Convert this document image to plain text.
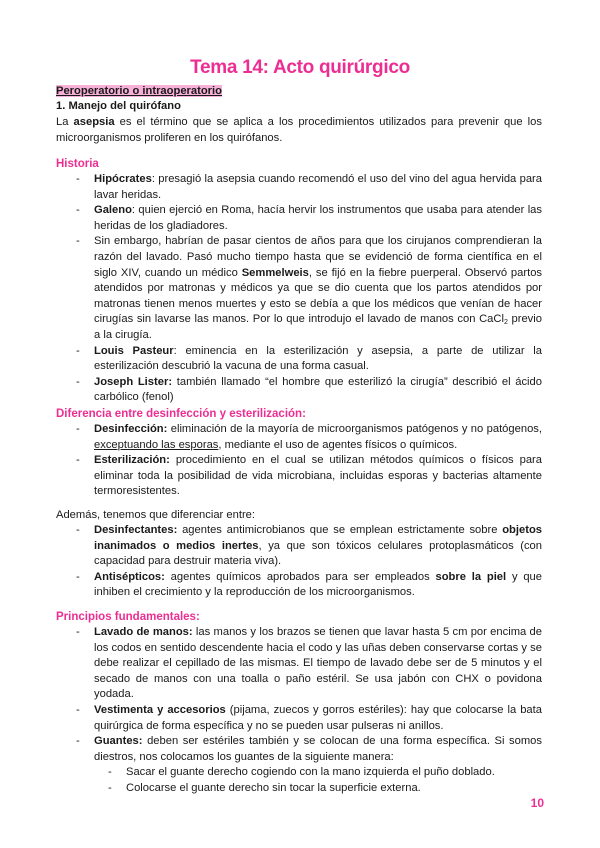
Tema 14: Acto quirúrgico
Peroperatorio o intraoperatorio
1. Manejo del quirófano
La asepsia es el término que se aplica a los procedimientos utilizados para prevenir que los microorganismos proliferen en los quirófanos.
Historia
- Hipócrates: presagió la asepsia cuando recomendó el uso del vino del agua hervida para lavar heridas.
- Galeno: quien ejerció en Roma, hacía hervir los instrumentos que usaba para atender las heridas de los gladiadores.
- Sin embargo, habrían de pasar cientos de años para que los cirujanos comprendieran la razón del lavado. Pasó mucho tiempo hasta que se evidenció de forma científica en el siglo XIV, cuando un médico Semmelweis, se fijó en la fiebre puerperal. Observó partos atendidos por matronas y médicos ya que se dio cuenta que los partos atendidos por matronas tienen menos muertes y esto se debía a que los médicos que venían de hacer cirugías sin lavarse las manos. Por lo que introdujo el lavado de manos con CaCl$_2$ previo a la cirugía.
- Louis Pasteur: eminencia en la esterilización y asepsia, a parte de utilizar la esterilización descubrió la vacuna de una forma casual.
- Joseph Lister: también llamado “el hombre que esterilizó la cirugía” describió el ácido carbólico (fenol)
Diferencia entre desinfección y esterilización:
- Desinfección: eliminación de la mayoría de microorganismos patógenos y no patógenos, exceptuando las esporas, mediante el uso de agentes físicos o químicos.
- Esterilización: procedimiento en el cual se utilizan métodos químicos o físicos para eliminar toda la posibilidad de vida microbiana, incluidas esporas y bacterias altamente termoresistentes.
Además, tenemos que diferenciar entre:
- Desinfectantes: agentes antimicrobianos que se emplean estrictamente sobre objetos inanimados o medios inertes, ya que son tóxicos celulares protoplasmáticos (con capacidad para destruir materia viva).
- Antisépticos: agentes químicos aprobados para ser empleados sobre la piel y que inhiben el crecimiento y la reproducción de los microorganismos.
Principios fundamentales:
- Lavado de manos: las manos y los brazos se tienen que lavar hasta 5 cm por encima de los codos en sentido descendente hacia el codo y las uñas deben conservarse cortas y se debe realizar el cepillado de las mismas. El tiempo de lavado debe ser de 5 minutos y el secado de manos con una toalla o paño estéril. Se usa jabón con CHX o povidona yodada.
- Vestimenta y accesorios (pijama, zuecos y gorros estériles): hay que colocarse la bata quirúrgica de forma específica y no se pueden usar pulseras ni anillos.
- Guantes: deben ser estériles también y se colocan de una forma específica. Si somos diestros, nos colocamos los guantes de la siguiente manera:
- Sacar el guante derecho cogiendo con la mano izquierda el puño doblado.
- Colocarse el guante derecho sin tocar la superficie externa.
10
